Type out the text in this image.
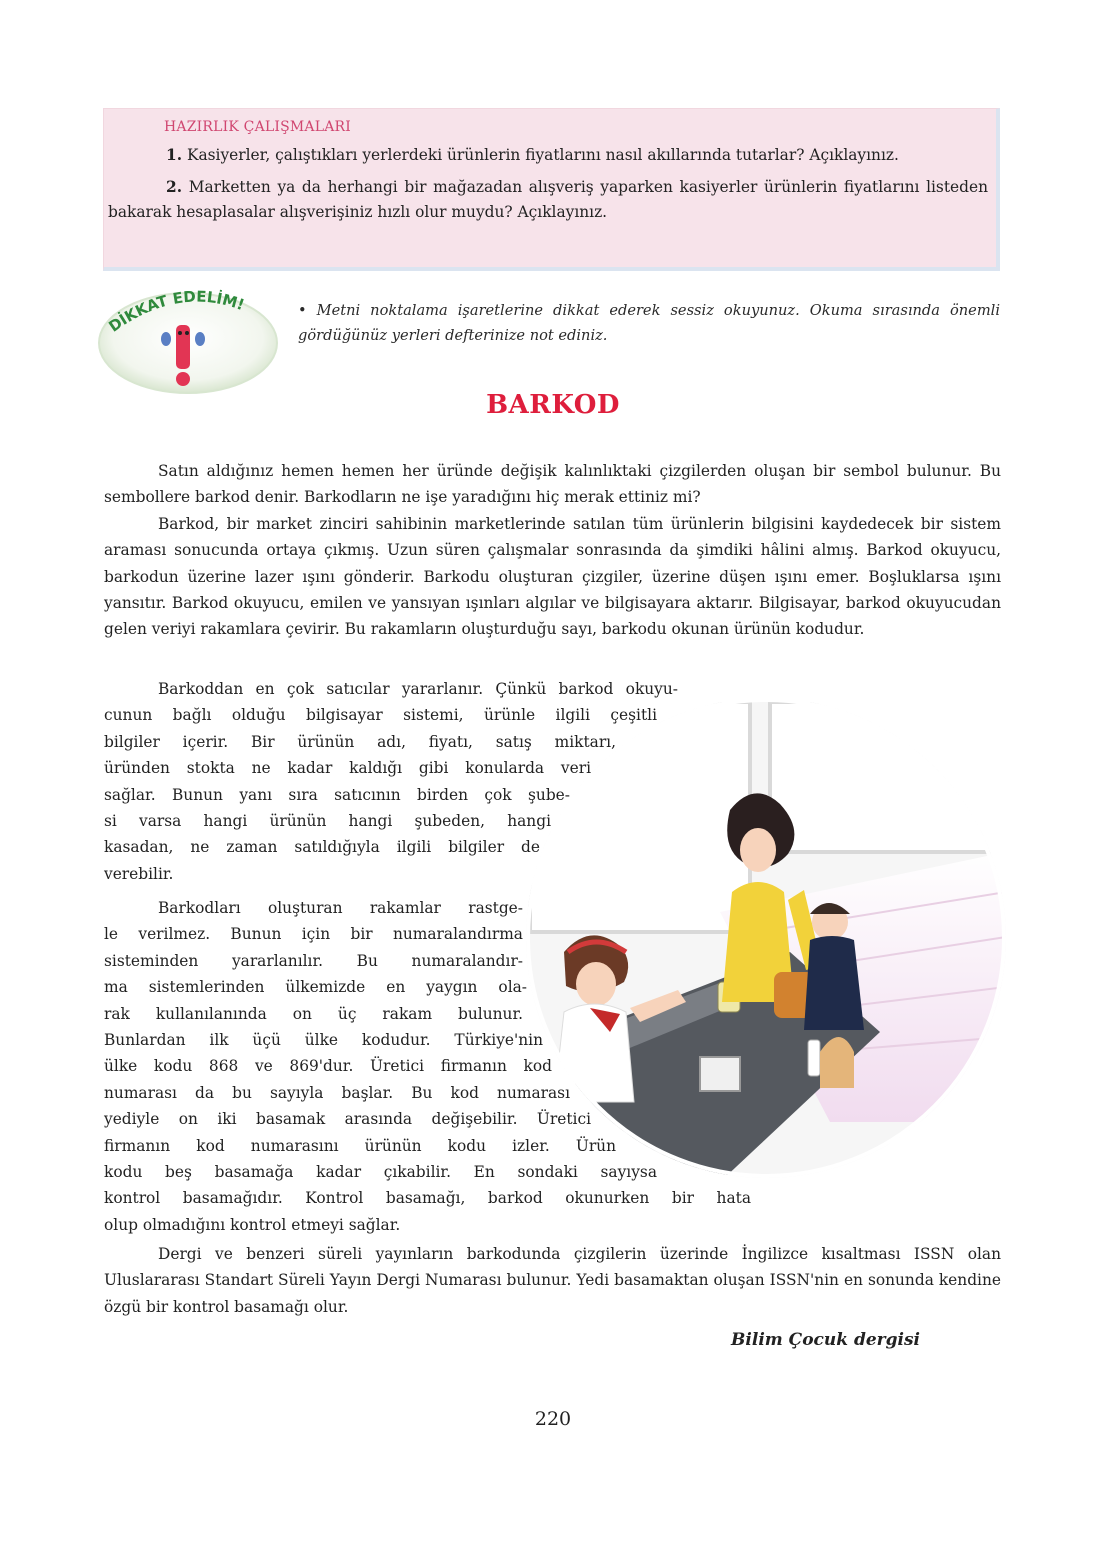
HAZIRLIK ÇALIŞMALARI

1. Kasiyerler, çalıştıkları yerlerdeki ürünlerin fiyatlarını nasıl akıllarında tutarlar? Açıklayınız.

2. Marketten ya da herhangi bir mağazadan alışveriş yaparken kasiyerler ürünlerin fiyatlarını listeden bakarak hesaplasalar alışverişiniz hızlı olur muydu? Açıklayınız.

DİKKAT EDELİM!	• Metni noktalama işaretlerine dikkat ederek sessiz okuyunuz. Okuma sırasında önemli gördüğünüz yerleri defterinize not ediniz.
BARKOD

Satın aldığınız hemen hemen her üründe değişik kalınlıktaki çizgilerden oluşan bir sembol bulunur. Bu sembollere barkod denir. Barkodların ne işe yaradığını hiç merak ettiniz mi?

Barkod, bir market zinciri sahibinin marketlerinde satılan tüm ürünlerin bilgisini kaydedecek bir sistem araması sonucunda ortaya çıkmış. Uzun süren çalışmalar sonrasında da şimdiki hâlini almış. Barkod okuyucu, barkodun üzerine lazer ışını gönderir. Barkodu oluşturan çizgiler, üzerine düşen ışını emer. Boşluklarsa ışını yansıtır. Barkod okuyucu, emilen ve yansıyan ışınları algılar ve bilgisayara aktarır. Bilgisayar, barkod okuyucudan gelen veriyi rakamlara çevirir. Bu rakamların oluşturduğu sayı, barkodu okunan ürünün kodudur.

Barkoddan en çok satıcılar yararlanır. Çünkü barkod okuyu-
cunun bağlı olduğu bilgisayar sistemi, ürünle ilgili çeşitli
bilgiler içerir. Bir ürünün adı, fiyatı, satış miktarı,
üründen stokta ne kadar kaldığı gibi konularda veri
sağlar. Bunun yanı sıra satıcının birden çok şube-
si varsa hangi ürünün hangi şubeden, hangi
kasadan, ne zaman satıldığıyla ilgili bilgiler de
verebilir.
Barkodları oluşturan rakamlar rastge-
le verilmez. Bunun için bir numaralandırma
sisteminden yararlanılır. Bu numaralandır-
ma sistemlerinden ülkemizde en yaygın ola-
rak kullanılanında on üç rakam bulunur.
Bunlardan ilk üçü ülke kodudur. Türkiye'nin
ülke kodu 868 ve 869'dur. Üretici firmanın kod
numarası da bu sayıyla başlar. Bu kod numarası
yediyle on iki basamak arasında değişebilir. Üretici
firmanın kod numarasını ürünün kodu izler. Ürün
kodu beş basamağa kadar çıkabilir. En sondaki sayıysa
kontrol basamağıdır. Kontrol basamağı, barkod okunurken bir hata
olup olmadığını kontrol etmeyi sağlar.

Dergi ve benzeri süreli yayınların barkodunda çizgilerin üzerinde İngilizce kısaltması ISSN olan Uluslararası Standart Süreli Yayın Dergi Numarası bulunur. Yedi basamaktan oluşan ISSN'nin en sonunda kendine özgü bir kontrol basamağı olur.

Bilim Çocuk dergisi
220
